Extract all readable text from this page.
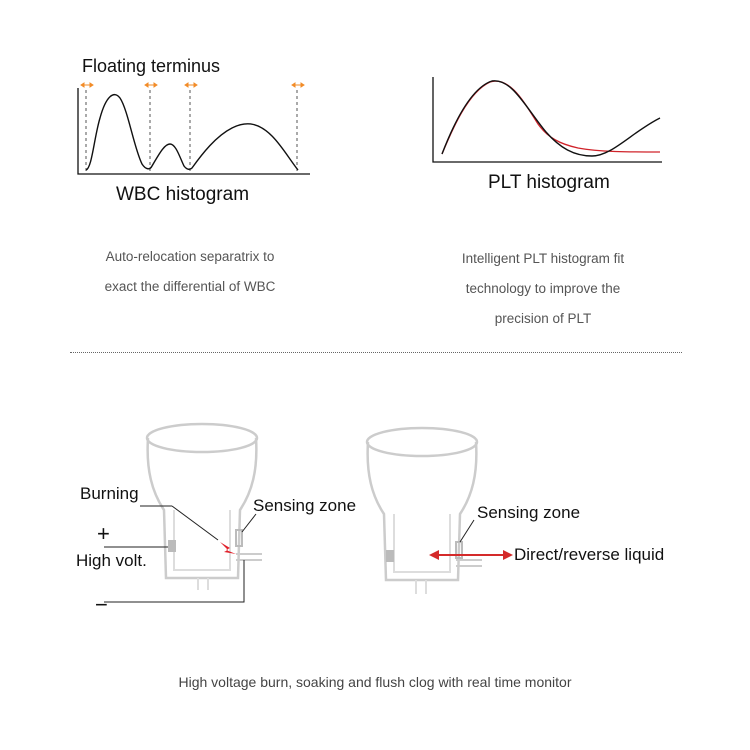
Floating terminus
WBC histogram
Auto-relocation separatrix to
exact the differential of WBC
PLT histogram
Intelligent PLT histogram fit
technology to improve the
precision of PLT
Burning
Sensing zone
+
High volt.
−
Sensing zone
Direct/reverse liquid
High voltage burn, soaking and flush clog with real time monitor
